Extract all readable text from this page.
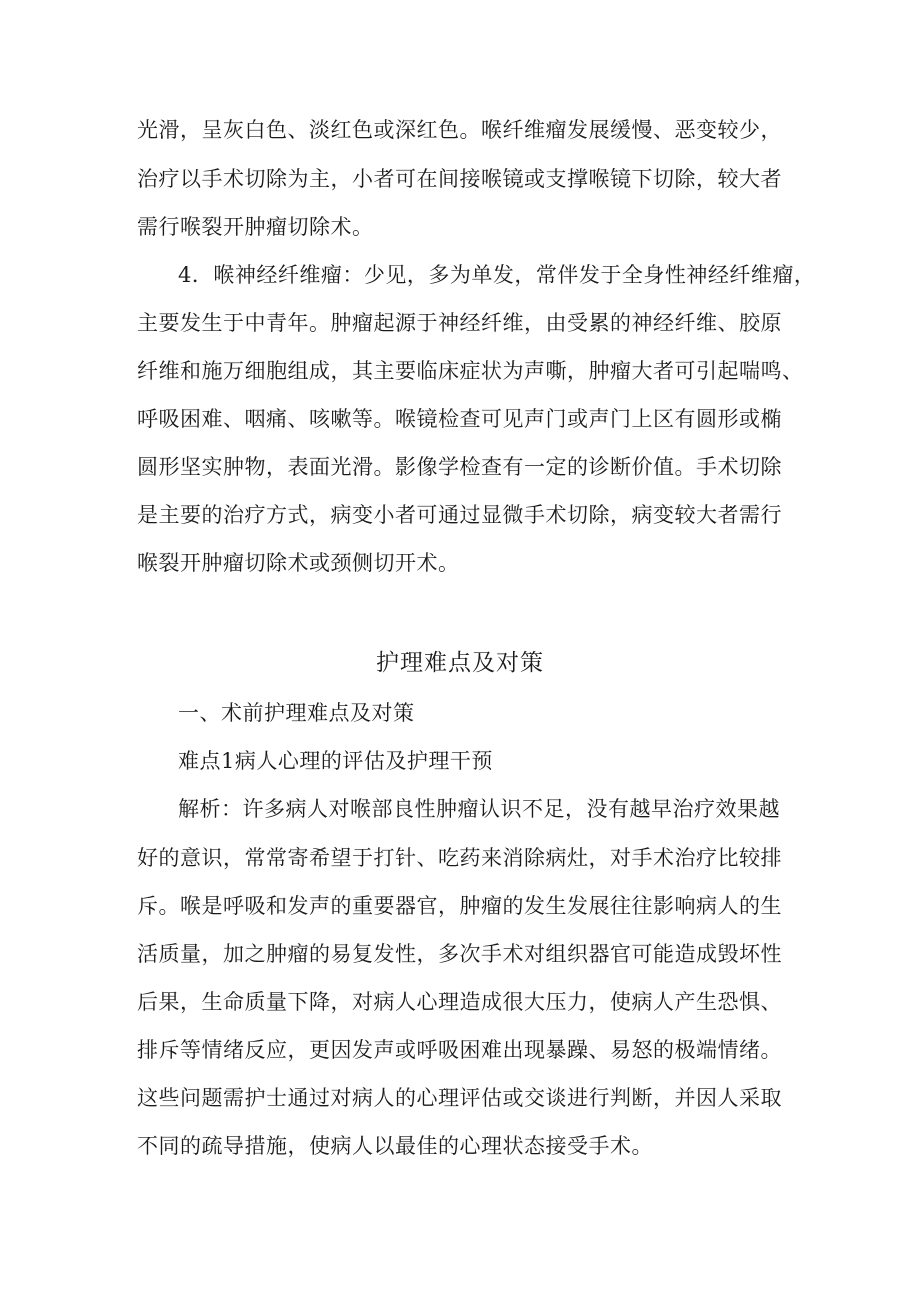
光滑，呈灰白色、淡红色或深红色。喉纤维瘤发展缓慢、恶变较少，
治疗以手术切除为主，小者可在间接喉镜或支撑喉镜下切除，较大者
需行喉裂开肿瘤切除术。
4．喉神经纤维瘤：少见，多为单发，常伴发于全身性神经纤维瘤，
主要发生于中青年。肿瘤起源于神经纤维，由受累的神经纤维、胶原
纤维和施万细胞组成，其主要临床症状为声嘶，肿瘤大者可引起喘鸣、
呼吸困难、咽痛、咳嗽等。喉镜检查可见声门或声门上区有圆形或椭
圆形坚实肿物，表面光滑。影像学检查有一定的诊断价值。手术切除
是主要的治疗方式，病变小者可通过显微手术切除，病变较大者需行
喉裂开肿瘤切除术或颈侧切开术。
护理难点及对策
一、术前护理难点及对策
难点1病人心理的评估及护理干预
解析：许多病人对喉部良性肿瘤认识不足，没有越早治疗效果越
好的意识，常常寄希望于打针、吃药来消除病灶，对手术治疗比较排
斥。喉是呼吸和发声的重要器官，肿瘤的发生发展往往影响病人的生
活质量，加之肿瘤的易复发性，多次手术对组织器官可能造成毁坏性
后果，生命质量下降，对病人心理造成很大压力，使病人产生恐惧、
排斥等情绪反应，更因发声或呼吸困难出现暴躁、易怒的极端情绪。
这些问题需护士通过对病人的心理评估或交谈进行判断，并因人采取
不同的疏导措施，使病人以最佳的心理状态接受手术。
